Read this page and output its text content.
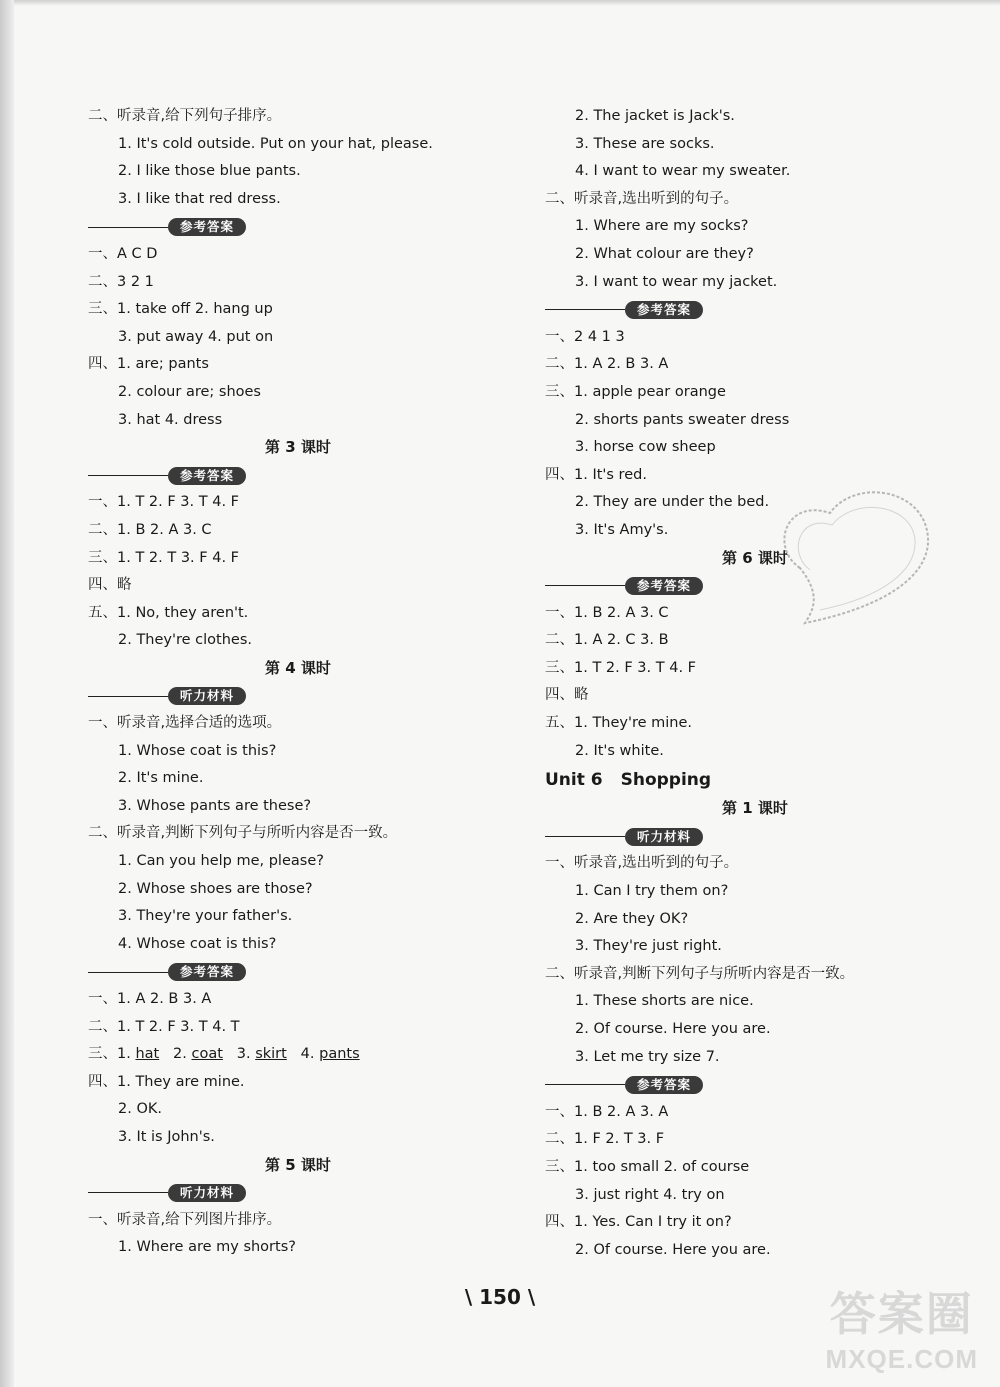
二、听录音,给下列句子排序。
1. It's cold outside. Put on your hat, please.
2. I like those blue pants.
3. I like that red dress.
参考答案
一、A C D
二、3 2 1
三、1. take off 2. hang up
3. put away 4. put on
四、1. are; pants
2. colour are; shoes
3. hat 4. dress
第 3 课时
参考答案
一、1. T 2. F 3. T 4. F
二、1. B 2. A 3. C
三、1. T 2. T 3. F 4. F
四、略
五、1. No, they aren't.
2. They're clothes.
第 4 课时
听力材料
一、听录音,选择合适的选项。
1. Whose coat is this?
2. It's mine.
3. Whose pants are these?
二、听录音,判断下列句子与所听内容是否一致。
1. Can you help me, please?
2. Whose shoes are those?
3. They're your father's.
4. Whose coat is this?
参考答案
一、1. A 2. B 3. A
二、1. T 2. F 3. T 4. T
三、1.
hat
2.
coat
3.
skirt
4.
pants
四、1. They are mine.
2. OK.
3. It is John's.
第 5 课时
听力材料
一、听录音,给下列图片排序。
1. Where are my shorts?
2. The jacket is Jack's.
3. These are socks.
4. I want to wear my sweater.
二、听录音,选出听到的句子。
1. Where are my socks?
2. What colour are they?
3. I want to wear my jacket.
参考答案
一、2 4 1 3
二、1. A 2. B 3. A
三、1. apple pear orange
2. shorts pants sweater dress
3. horse cow sheep
四、1. It's red.
2. They are under the bed.
3. It's Amy's.
第 6 课时
参考答案
一、1. B 2. A 3. C
二、1. A 2. C 3. B
三、1. T 2. F 3. T 4. F
四、略
五、1. They're mine.
2. It's white.
Unit 6 Shopping
第 1 课时
听力材料
一、听录音,选出听到的句子。
1. Can I try them on?
2. Are they OK?
3. They're just right.
二、听录音,判断下列句子与所听内容是否一致。
1. These shorts are nice.
2. Of course. Here you are.
3. Let me try size 7.
参考答案
一、1. B 2. A 3. A
二、1. F 2. T 3. F
三、1. too small 2. of course
3. just right 4. try on
四、1. Yes. Can I try it on?
2. Of course. Here you are.
\ 150 \	答案圈
MXQE.COM
